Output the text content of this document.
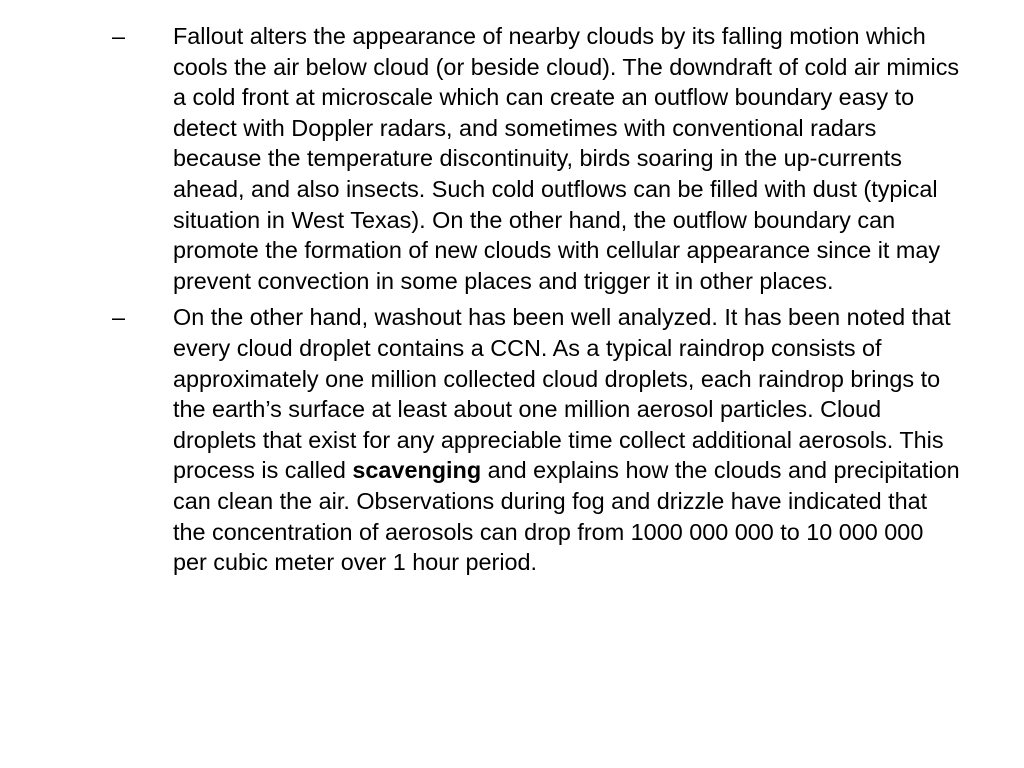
– Fallout alters the appearance of nearby clouds by its falling motion which cools the air below cloud (or beside cloud). The downdraft of cold air mimics a cold front at microscale which can create an outflow boundary easy to detect with Doppler radars, and sometimes with conventional radars because the temperature discontinuity, birds soaring in the up-currents ahead, and also insects. Such cold outflows can be filled with dust (typical situation in West Texas). On the other hand, the outflow boundary can promote the formation of new clouds with cellular appearance since it may prevent convection in some places and trigger it in other places.
– On the other hand, washout has been well analyzed. It has been noted that every cloud droplet contains a CCN. As a typical raindrop consists of approximately one million collected cloud droplets, each raindrop brings to the earth’s surface at least about one million aerosol particles. Cloud droplets that exist for any appreciable time collect additional aerosols. This process is called scavenging and explains how the clouds and precipitation can clean the air. Observations during fog and drizzle have indicated that the concentration of aerosols can drop from 1000 000 000 to 10 000 000 per cubic meter over 1 hour period.
